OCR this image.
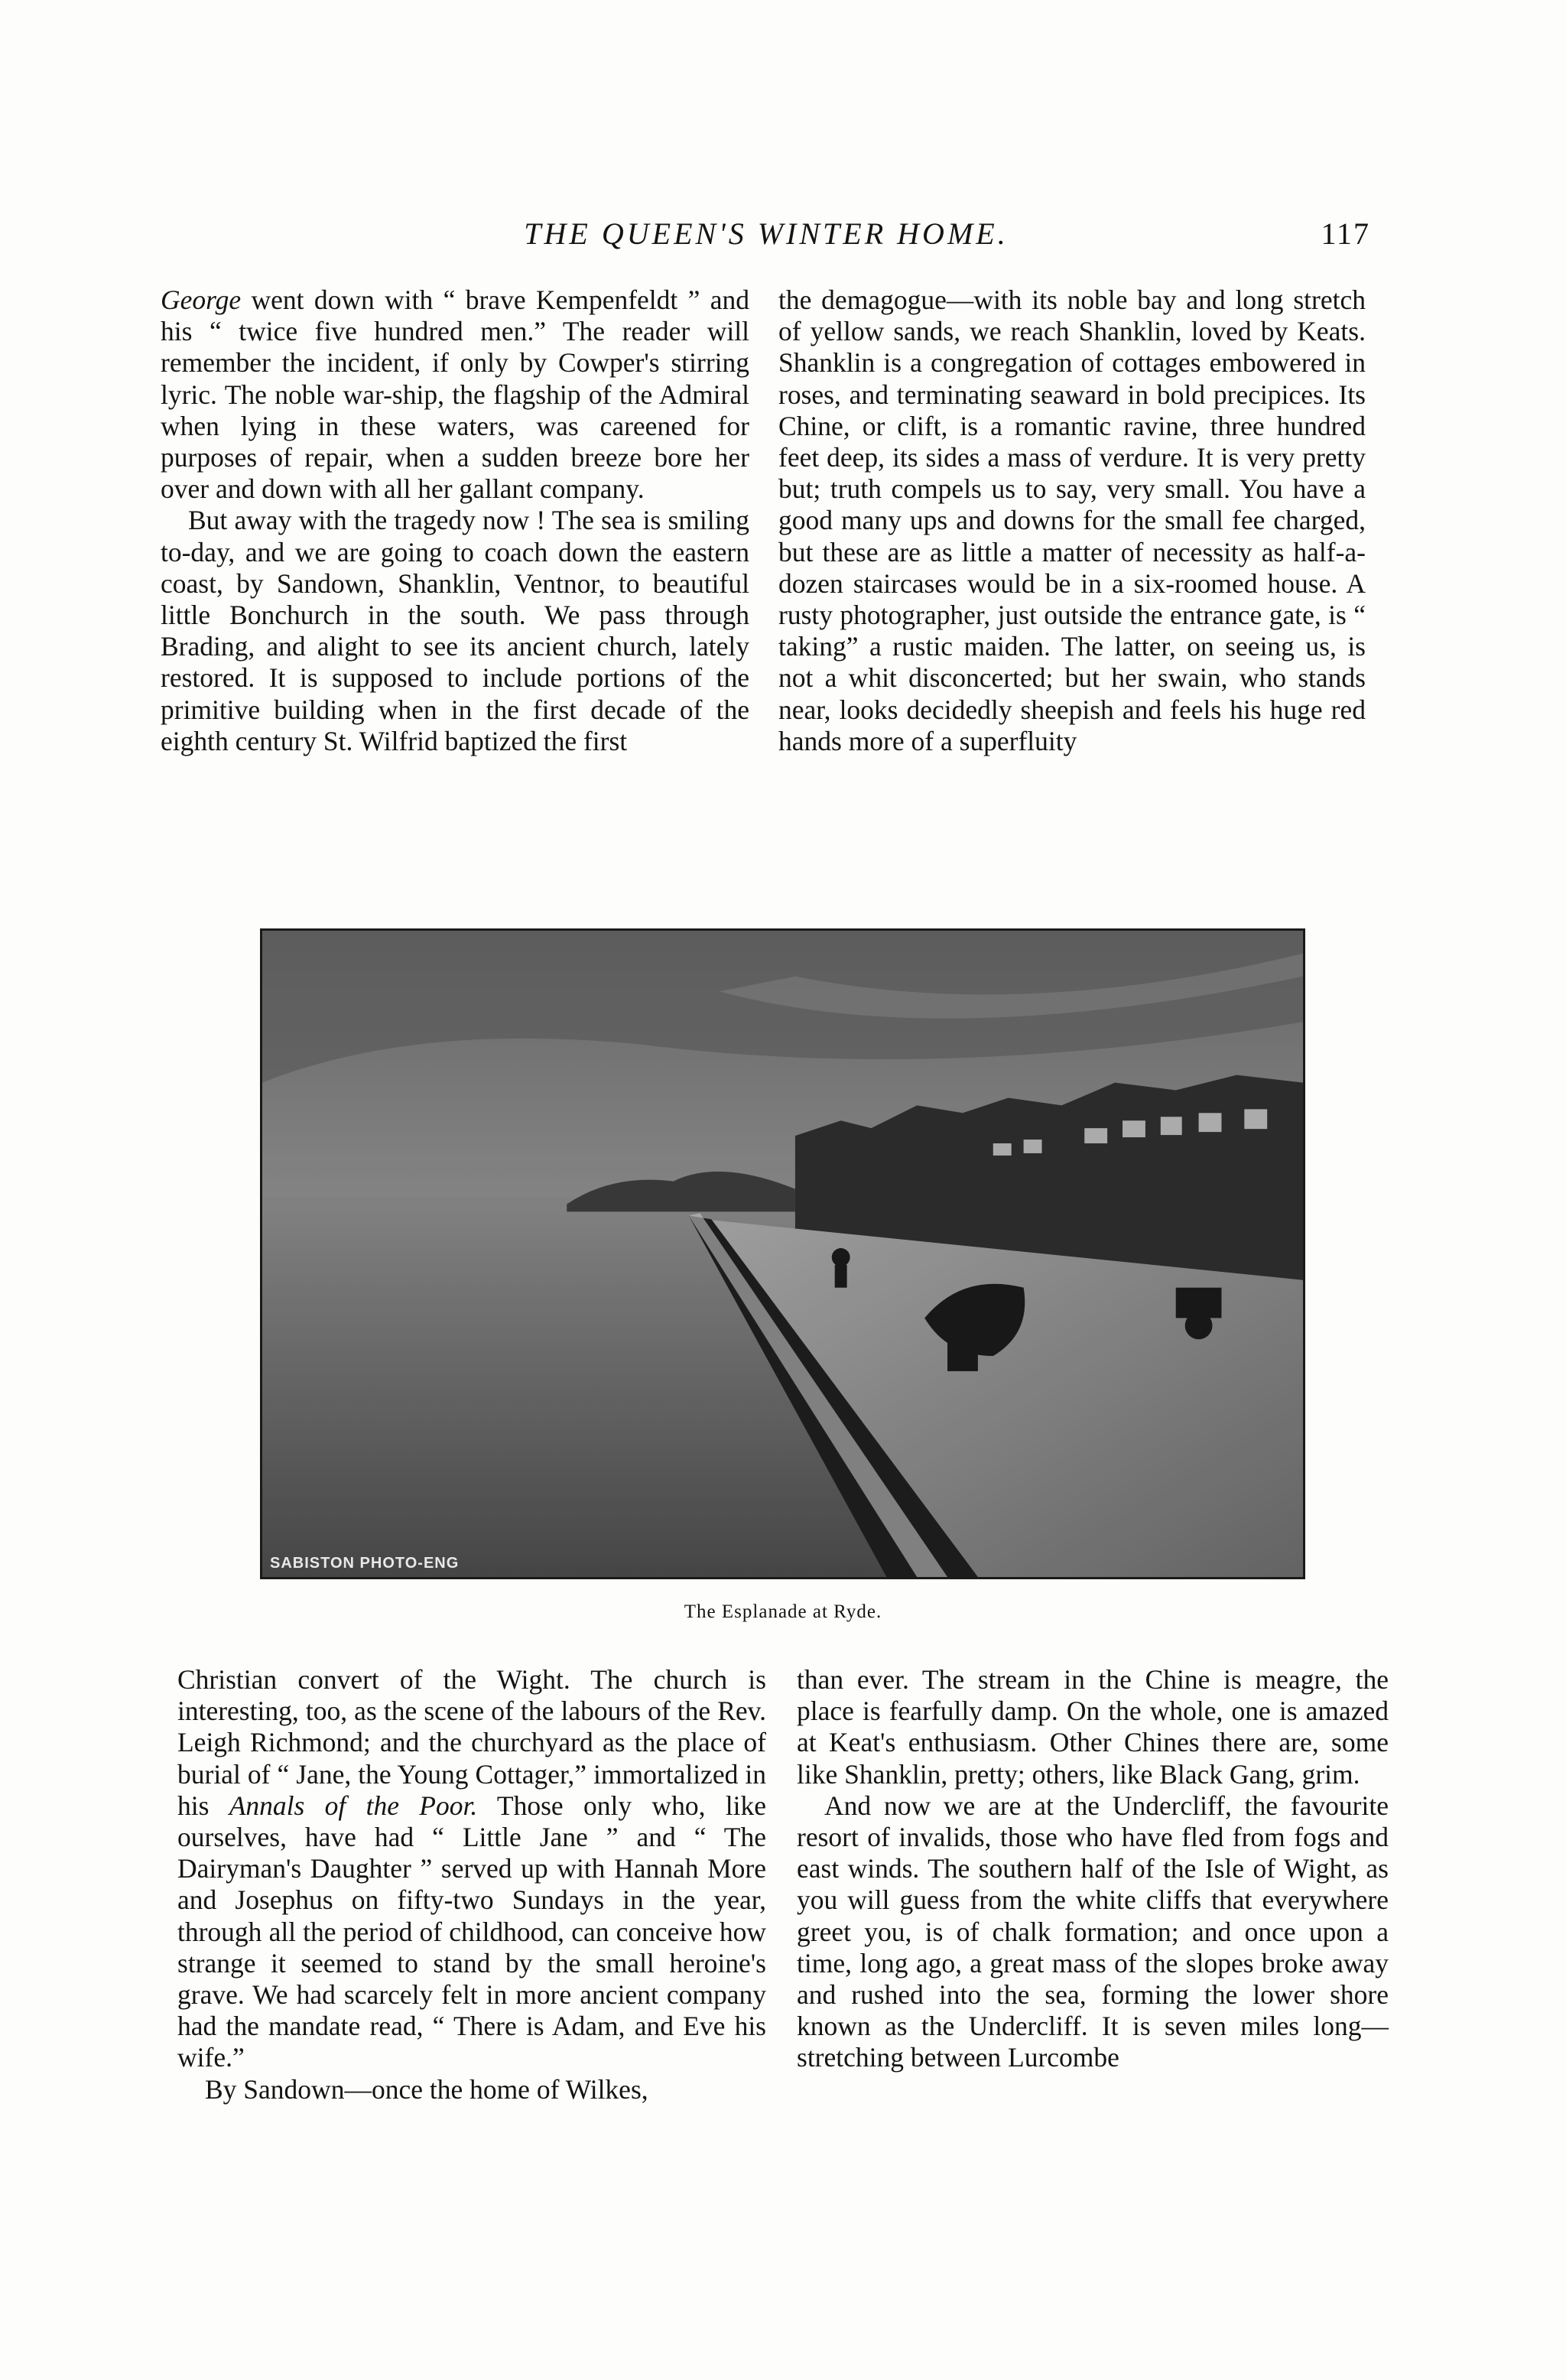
THE QUEEN'S WINTER HOME.	117

George went down with “ brave Kempenfeldt ” and his “ twice five hundred men.” The reader will remember the incident, if only by Cowper's stirring lyric. The noble war-ship, the flagship of the Admiral when lying in these waters, was careened for purposes of repair, when a sudden breeze bore her over and down with all her gallant company.

But away with the tragedy now ! The sea is smiling to-day, and we are going to coach down the eastern coast, by Sandown, Shanklin, Ventnor, to beautiful little Bonchurch in the south. We pass through Brading, and alight to see its ancient church, lately restored. It is supposed to include portions of the primitive building when in the first decade of the eighth century St. Wilfrid baptized the first

the demagogue—with its noble bay and long stretch of yellow sands, we reach Shanklin, loved by Keats. Shanklin is a congregation of cottages embowered in roses, and terminating seaward in bold precipices. Its Chine, or clift, is a romantic ravine, three hundred feet deep, its sides a mass of verdure. It is very pretty but; truth compels us to say, very small. You have a good many ups and downs for the small fee charged, but these are as little a matter of necessity as half-a-dozen staircases would be in a six-roomed house. A rusty photographer, just outside the entrance gate, is “ taking” a rustic maiden. The latter, on seeing us, is not a whit disconcerted; but her swain, who stands near, looks decidedly sheepish and feels his huge red hands more of a superfluity

SABISTON PHOTO-ENG
The Esplanade at Ryde.

Christian convert of the Wight. The church is interesting, too, as the scene of the labours of the Rev. Leigh Richmond; and the churchyard as the place of burial of “ Jane, the Young Cottager,” immortalized in his Annals of the Poor. Those only who, like ourselves, have had “ Little Jane ” and “ The Dairyman's Daughter ” served up with Hannah More and Josephus on fifty-two Sundays in the year, through all the period of childhood, can conceive how strange it seemed to stand by the small heroine's grave. We had scarcely felt in more ancient company had the mandate read, “ There is Adam, and Eve his wife.”

By Sandown—once the home of Wilkes,

than ever. The stream in the Chine is meagre, the place is fearfully damp. On the whole, one is amazed at Keat's enthusiasm. Other Chines there are, some like Shanklin, pretty; others, like Black Gang, grim.

And now we are at the Undercliff, the favourite resort of invalids, those who have fled from fogs and east winds. The southern half of the Isle of Wight, as you will guess from the white cliffs that everywhere greet you, is of chalk formation; and once upon a time, long ago, a great mass of the slopes broke away and rushed into the sea, forming the lower shore known as the Undercliff. It is seven miles long—stretching between Lurcombe
